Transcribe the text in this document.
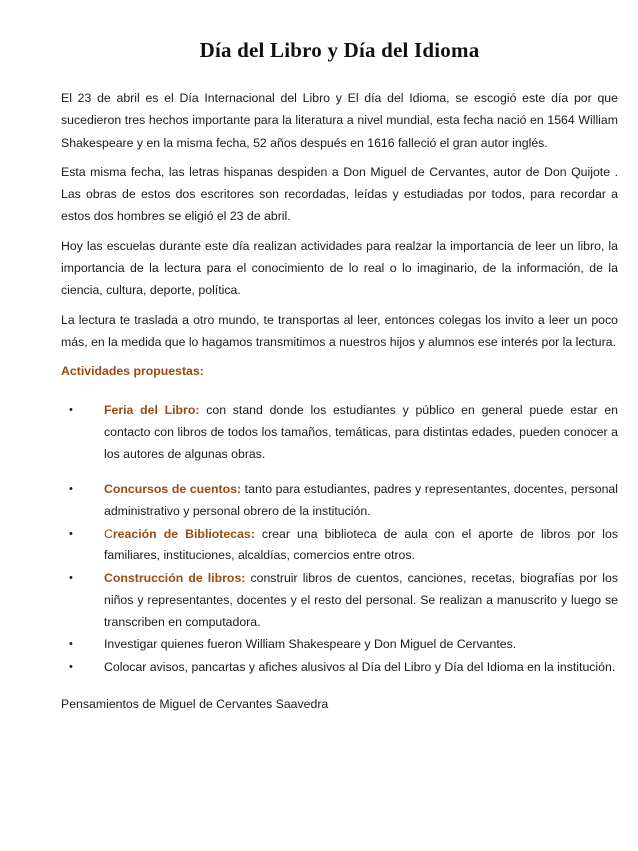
Día del Libro y Día del Idioma

El 23 de abril es el Día Internacional del Libro y El día del Idioma, se escogió este día por que sucedieron tres hechos importante para la literatura a nivel mundial, esta fecha nació en 1564 William Shakespeare y en la misma fecha, 52 años después en 1616 falleció el gran autor inglés.

Esta misma fecha, las letras hispanas despiden a Don Miguel de Cervantes, autor de Don Quijote . Las obras de estos dos escritores son recordadas, leídas y estudiadas por todos, para recordar a estos dos hombres se eligió el 23 de abril.

Hoy las escuelas durante este día realizan actividades para realzar la importancia de leer un libro, la importancia de la lectura para el conocimiento de lo real o lo imaginario, de la información, de la ciencia, cultura, deporte, política.

La lectura te traslada a otro mundo, te transportas al leer, entonces colegas los invito a leer un poco más, en la medida que lo hagamos transmitimos a nuestros hijos y alumnos ese interés por la lectura.

Actividades propuestas:
•	Feria del Libro: con stand donde los estudiantes y público en general puede estar en contacto con libros de todos los tamaños, temáticas, para distintas edades, pueden conocer a los autores de algunas obras.
•	Concursos de cuentos: tanto para estudiantes, padres y representantes, docentes, personal administrativo y personal obrero de la institución.
•	Creación de Bibliotecas: crear una biblioteca de aula con el aporte de libros por los familiares, instituciones, alcaldías, comercios entre otros.
•	Construcción de libros: construir libros de cuentos, canciones, recetas, biografías por los niños y representantes, docentes y el resto del personal. Se realizan a manuscrito y luego se transcriben en computadora.
•	Investigar quienes fueron William Shakespeare y Don Miguel de Cervantes.
•	Colocar avisos, pancartas y afiches alusivos al Día del Libro y Día del Idioma en la institución.
Pensamientos de Miguel de Cervantes Saavedra
